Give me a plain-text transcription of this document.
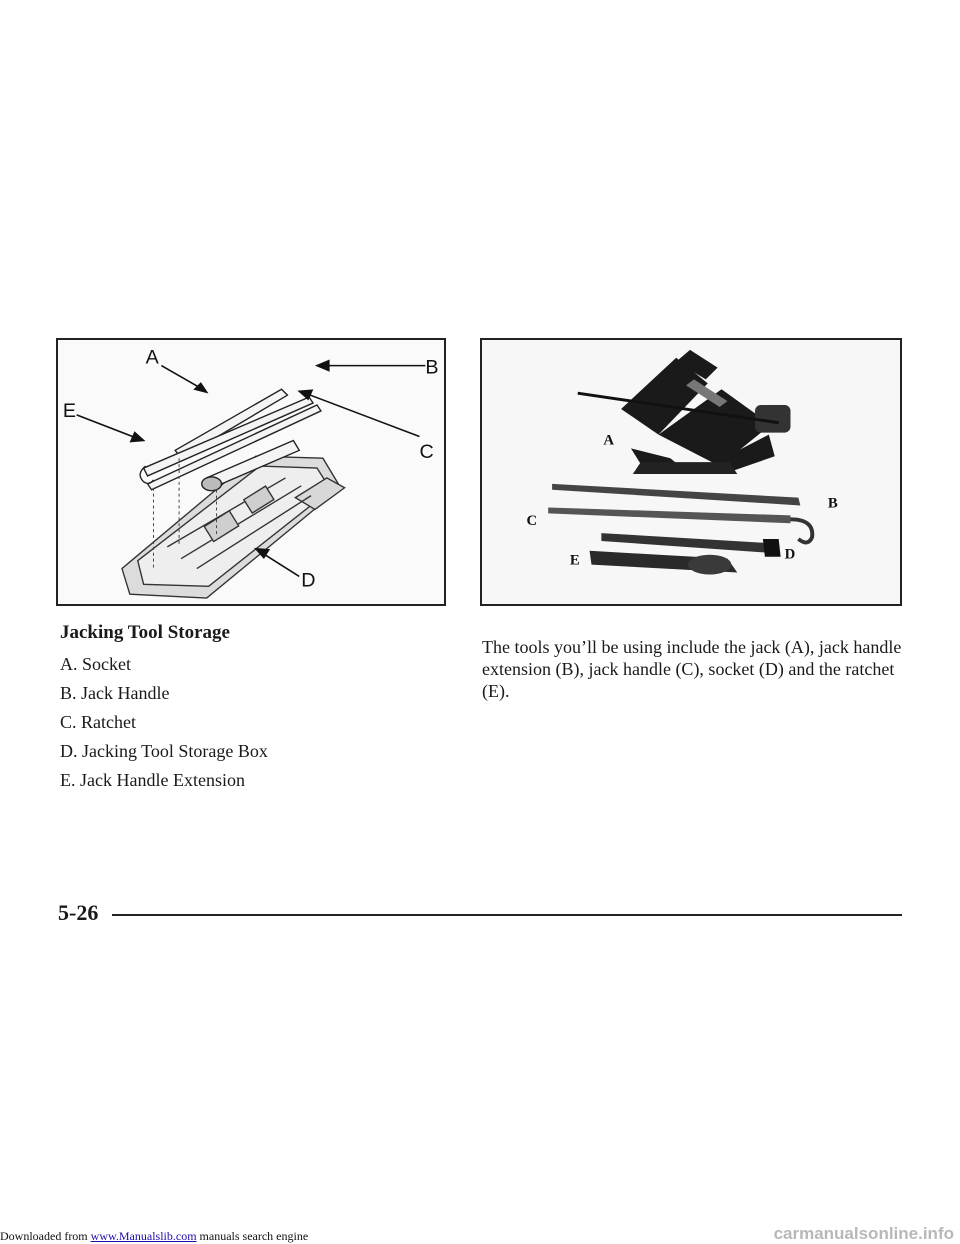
A	B
C
D
E
A
B
C
D
E
Jacking Tool Storage
A. Socket
B. Jack Handle
C. Ratchet
D. Jacking Tool Storage Box
E. Jack Handle Extension

The tools you’ll be using include the jack (A), jack handle extension (B), jack handle (C), socket (D) and the ratchet (E).

5-26

Downloaded from www.Manualslib.com manuals search engine	carmanualsonline.info
